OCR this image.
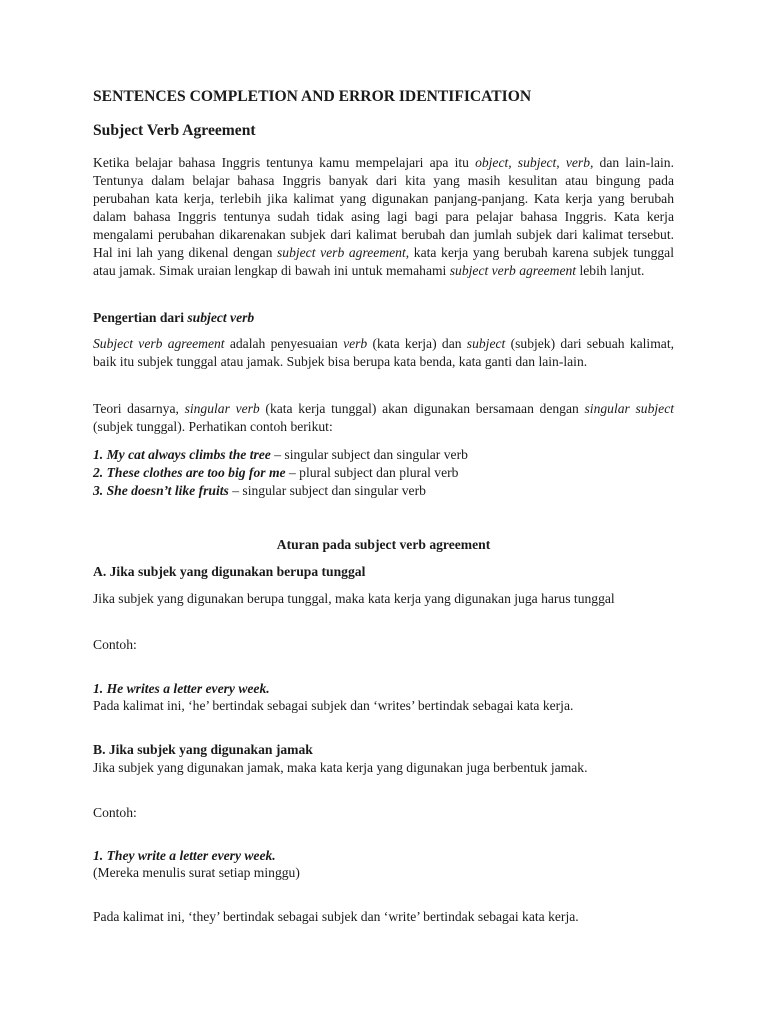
SENTENCES COMPLETION AND ERROR IDENTIFICATION

Subject Verb Agreement

Ketika belajar bahasa Inggris tentunya kamu mempelajari apa itu object, subject, verb, dan lain-lain. Tentunya dalam belajar bahasa Inggris banyak dari kita yang masih kesulitan atau bingung pada perubahan kata kerja, terlebih jika kalimat yang digunakan panjang-panjang. Kata kerja yang berubah dalam bahasa Inggris tentunya sudah tidak asing lagi bagi para pelajar bahasa Inggris. Kata kerja mengalami perubahan dikarenakan subjek dari kalimat berubah dan jumlah subjek dari kalimat tersebut. Hal ini lah yang dikenal dengan subject verb agreement, kata kerja yang berubah karena subjek tunggal atau jamak. Simak uraian lengkap di bawah ini untuk memahami subject verb agreement lebih lanjut.

Pengertian dari subject verb

Subject verb agreement adalah penyesuaian verb (kata kerja) dan subject (subjek) dari sebuah kalimat, baik itu subjek tunggal atau jamak. Subjek bisa berupa kata benda, kata ganti dan lain-lain.

Teori dasarnya, singular verb (kata kerja tunggal) akan digunakan bersamaan dengan singular subject (subjek tunggal). Perhatikan contoh berikut:

1. My cat always climbs the tree – singular subject dan singular verb
2. These clothes are too big for me – plural subject dan plural verb
3. She doesn’t like fruits – singular subject dan singular verb

Aturan pada subject verb agreement

A. Jika subjek yang digunakan berupa tunggal

Jika subjek yang digunakan berupa tunggal, maka kata kerja yang digunakan juga harus tunggal

Contoh:

1. He writes a letter every week.

Pada kalimat ini, ‘he’ bertindak sebagai subjek dan ‘writes’ bertindak sebagai kata kerja.

B. Jika subjek yang digunakan jamak

Jika subjek yang digunakan jamak, maka kata kerja yang digunakan juga berbentuk jamak.

Contoh:

1. They write a letter every week.

(Mereka menulis surat setiap minggu)

Pada kalimat ini, ‘they’ bertindak sebagai subjek dan ‘write’ bertindak sebagai kata kerja.
